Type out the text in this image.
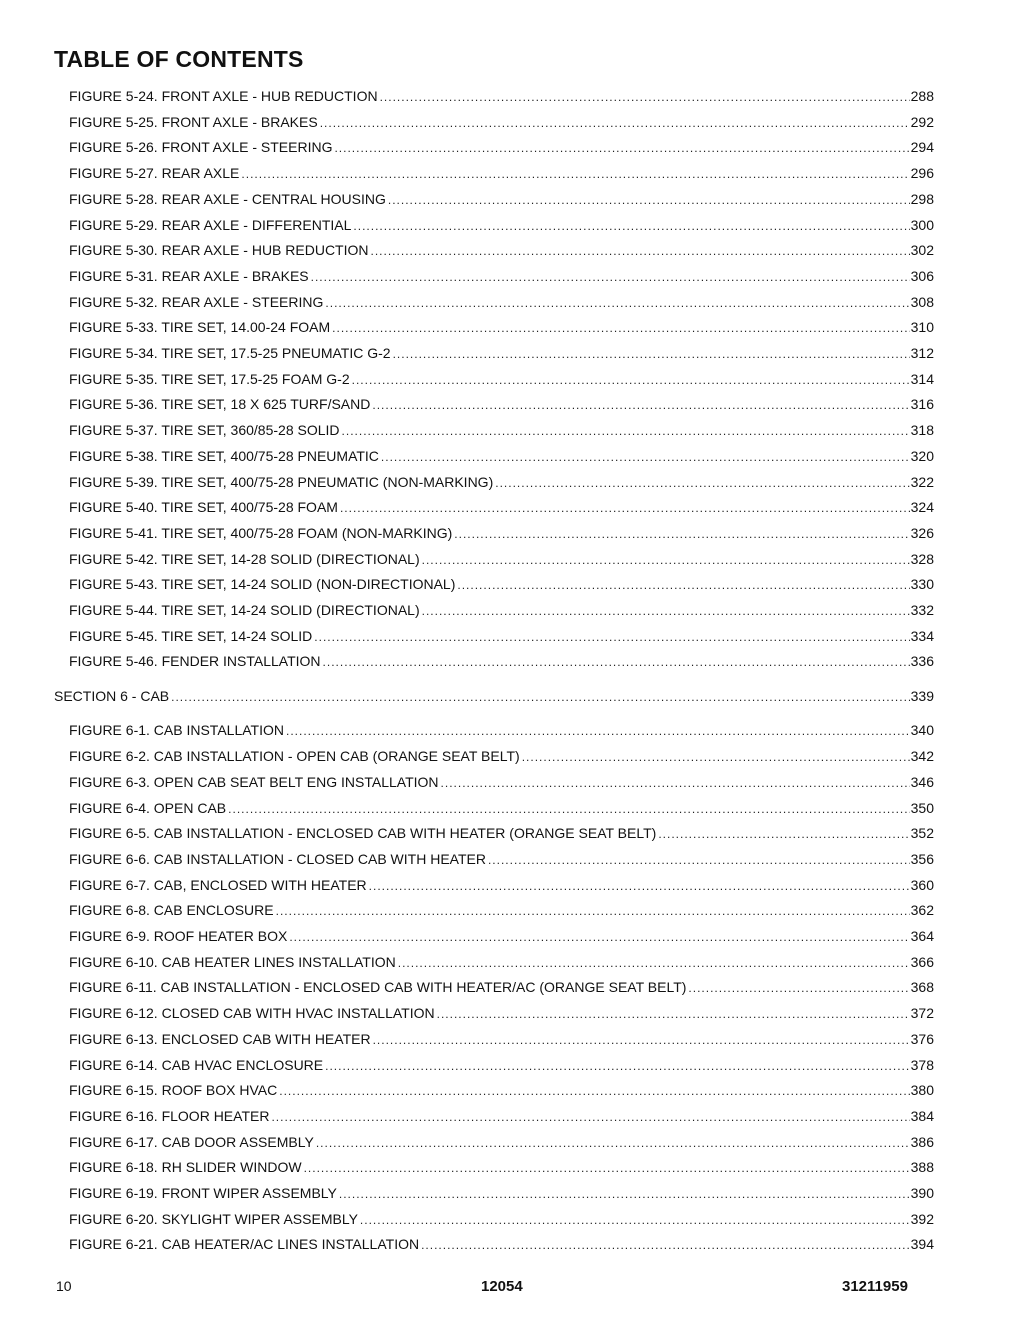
TABLE OF CONTENTS
FIGURE 5-24. FRONT AXLE - HUB REDUCTION .....	288
FIGURE 5-25. FRONT AXLE - BRAKES .....	292
FIGURE 5-26. FRONT AXLE - STEERING .....	294
FIGURE 5-27. REAR AXLE .....	296
FIGURE 5-28. REAR AXLE - CENTRAL HOUSING .....	298
FIGURE 5-29. REAR AXLE - DIFFERENTIAL .....	300
FIGURE 5-30. REAR AXLE - HUB REDUCTION .....	302
FIGURE 5-31. REAR AXLE - BRAKES .....	306
FIGURE 5-32. REAR AXLE - STEERING .....	308
FIGURE 5-33. TIRE SET, 14.00-24 FOAM .....	310
FIGURE 5-34. TIRE SET, 17.5-25 PNEUMATIC G-2 .....	312
FIGURE 5-35. TIRE SET, 17.5-25 FOAM G-2 .....	314
FIGURE 5-36. TIRE SET, 18 X 625 TURF/SAND .....	316
FIGURE 5-37. TIRE SET, 360/85-28 SOLID .....	318
FIGURE 5-38. TIRE SET, 400/75-28 PNEUMATIC .....	320
FIGURE 5-39. TIRE SET, 400/75-28 PNEUMATIC (NON-MARKING) .....	322
FIGURE 5-40. TIRE SET, 400/75-28 FOAM .....	324
FIGURE 5-41. TIRE SET, 400/75-28 FOAM (NON-MARKING) .....	326
FIGURE 5-42. TIRE SET, 14-28 SOLID (DIRECTIONAL) .....	328
FIGURE 5-43. TIRE SET, 14-24 SOLID (NON-DIRECTIONAL) .....	330
FIGURE 5-44. TIRE SET, 14-24 SOLID (DIRECTIONAL) .....	332
FIGURE 5-45. TIRE SET, 14-24 SOLID .....	334
FIGURE 5-46. FENDER INSTALLATION .....	336
SECTION 6 - CAB .....	339
FIGURE 6-1. CAB INSTALLATION .....	340
FIGURE 6-2. CAB INSTALLATION - OPEN CAB (ORANGE SEAT BELT) .....	342
FIGURE 6-3. OPEN CAB SEAT BELT ENG INSTALLATION .....	346
FIGURE 6-4. OPEN CAB .....	350
FIGURE 6-5. CAB INSTALLATION - ENCLOSED CAB WITH HEATER (ORANGE SEAT BELT) .....	352
FIGURE 6-6. CAB INSTALLATION - CLOSED CAB WITH HEATER .....	356
FIGURE 6-7. CAB, ENCLOSED WITH HEATER .....	360
FIGURE 6-8. CAB ENCLOSURE .....	362
FIGURE 6-9. ROOF HEATER BOX .....	364
FIGURE 6-10. CAB HEATER LINES INSTALLATION .....	366
FIGURE 6-11. CAB INSTALLATION - ENCLOSED CAB WITH HEATER/AC (ORANGE SEAT BELT) .....	368
FIGURE 6-12. CLOSED CAB WITH HVAC INSTALLATION .....	372
FIGURE 6-13. ENCLOSED CAB WITH HEATER .....	376
FIGURE 6-14. CAB HVAC ENCLOSURE .....	378
FIGURE 6-15. ROOF BOX HVAC .....	380
FIGURE 6-16. FLOOR HEATER .....	384
FIGURE 6-17. CAB DOOR ASSEMBLY .....	386
FIGURE 6-18. RH SLIDER WINDOW .....	388
FIGURE 6-19. FRONT WIPER ASSEMBLY .....	390
FIGURE 6-20. SKYLIGHT WIPER ASSEMBLY .....	392
FIGURE 6-21. CAB HEATER/AC LINES INSTALLATION .....	394
10	12054	31211959
